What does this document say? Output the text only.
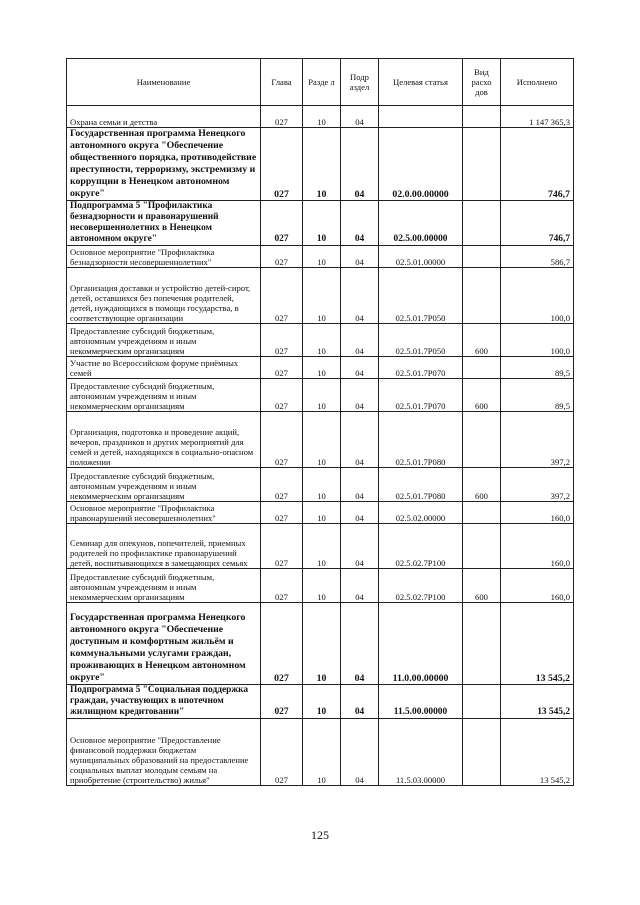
Наименование	Глава	Разде л	Подр аздел	Целевая статья	Вид расхо дов	Исполнено
Охрана семьи и детства	027	10	04			1 147 365,3
Государственная программа Ненецкого автономного округа "Обеспечение общественного порядка, противодействие преступности, терроризму, экстремизму и коррупции в Ненецком автономном округе"	027	10	04	02.0.00.00000		746,7
Подпрограмма 5 "Профилактика безнадзорности и правонарушений несовершеннолетних в Ненецком автономном округе"	027	10	04	02.5.00.00000		746,7
Основное мероприятие "Профилактика безнадзорности несовершеннолетних"	027	10	04	02.5.01.00000		586,7
Организация доставки и устройство детей-сирот, детей, оставшихся без попечения родителей, детей, нуждающихся в помощи государства, в соответствующие организации	027	10	04	02.5.01.7P050		100,0
Предоставление субсидий бюджетным, автономным учреждениям и иным некоммерческим организациям	027	10	04	02.5.01.7P050	600	100,0
Участие во Всероссийском форуме приёмных семей	027	10	04	02.5.01.7P070		89,5
Предоставление субсидий бюджетным, автономным учреждениям и иным некоммерческим организациям	027	10	04	02.5.01.7P070	600	89,5
Организация, подготовка и проведение акций, вечеров, праздников и других мероприятий для семей и детей, находящихся в социально-опасном положении	027	10	04	02.5.01.7P080		397,2
Предоставление субсидий бюджетным, автономным учреждениям и иным некоммерческим организациям	027	10	04	02.5.01.7P080	600	397,2
Основное мероприятие "Профилактика правонарушений несовершеннолетних"	027	10	04	02.5.02.00000		160,0
Семинар для опекунов, попечителей, приемных родителей по профилактике правонарушений детей, воспитывающихся в замещающих семьях	027	10	04	02.5.02.7P100		160,0
Предоставление субсидий бюджетным, автономным учреждениям и иным некоммерческим организациям	027	10	04	02.5.02.7P100	600	160,0
Государственная программа Ненецкого автономного округа "Обеспечение доступным и комфортным жильём и коммунальными услугами граждан, проживающих в Ненецком автономном округе"	027	10	04	11.0.00.00000		13 545,2
Подпрограмма 5 "Социальная поддержка граждан, участвующих в ипотечном жилищном кредитовании"	027	10	04	11.5.00.00000		13 545,2
Основное мероприятие "Предоставление финансовой поддержки бюджетам муниципальных образований на предоставление социальных выплат молодым семьям на приобретение (строительство) жилья"	027	10	04	11.5.03.00000		13 545,2
125
